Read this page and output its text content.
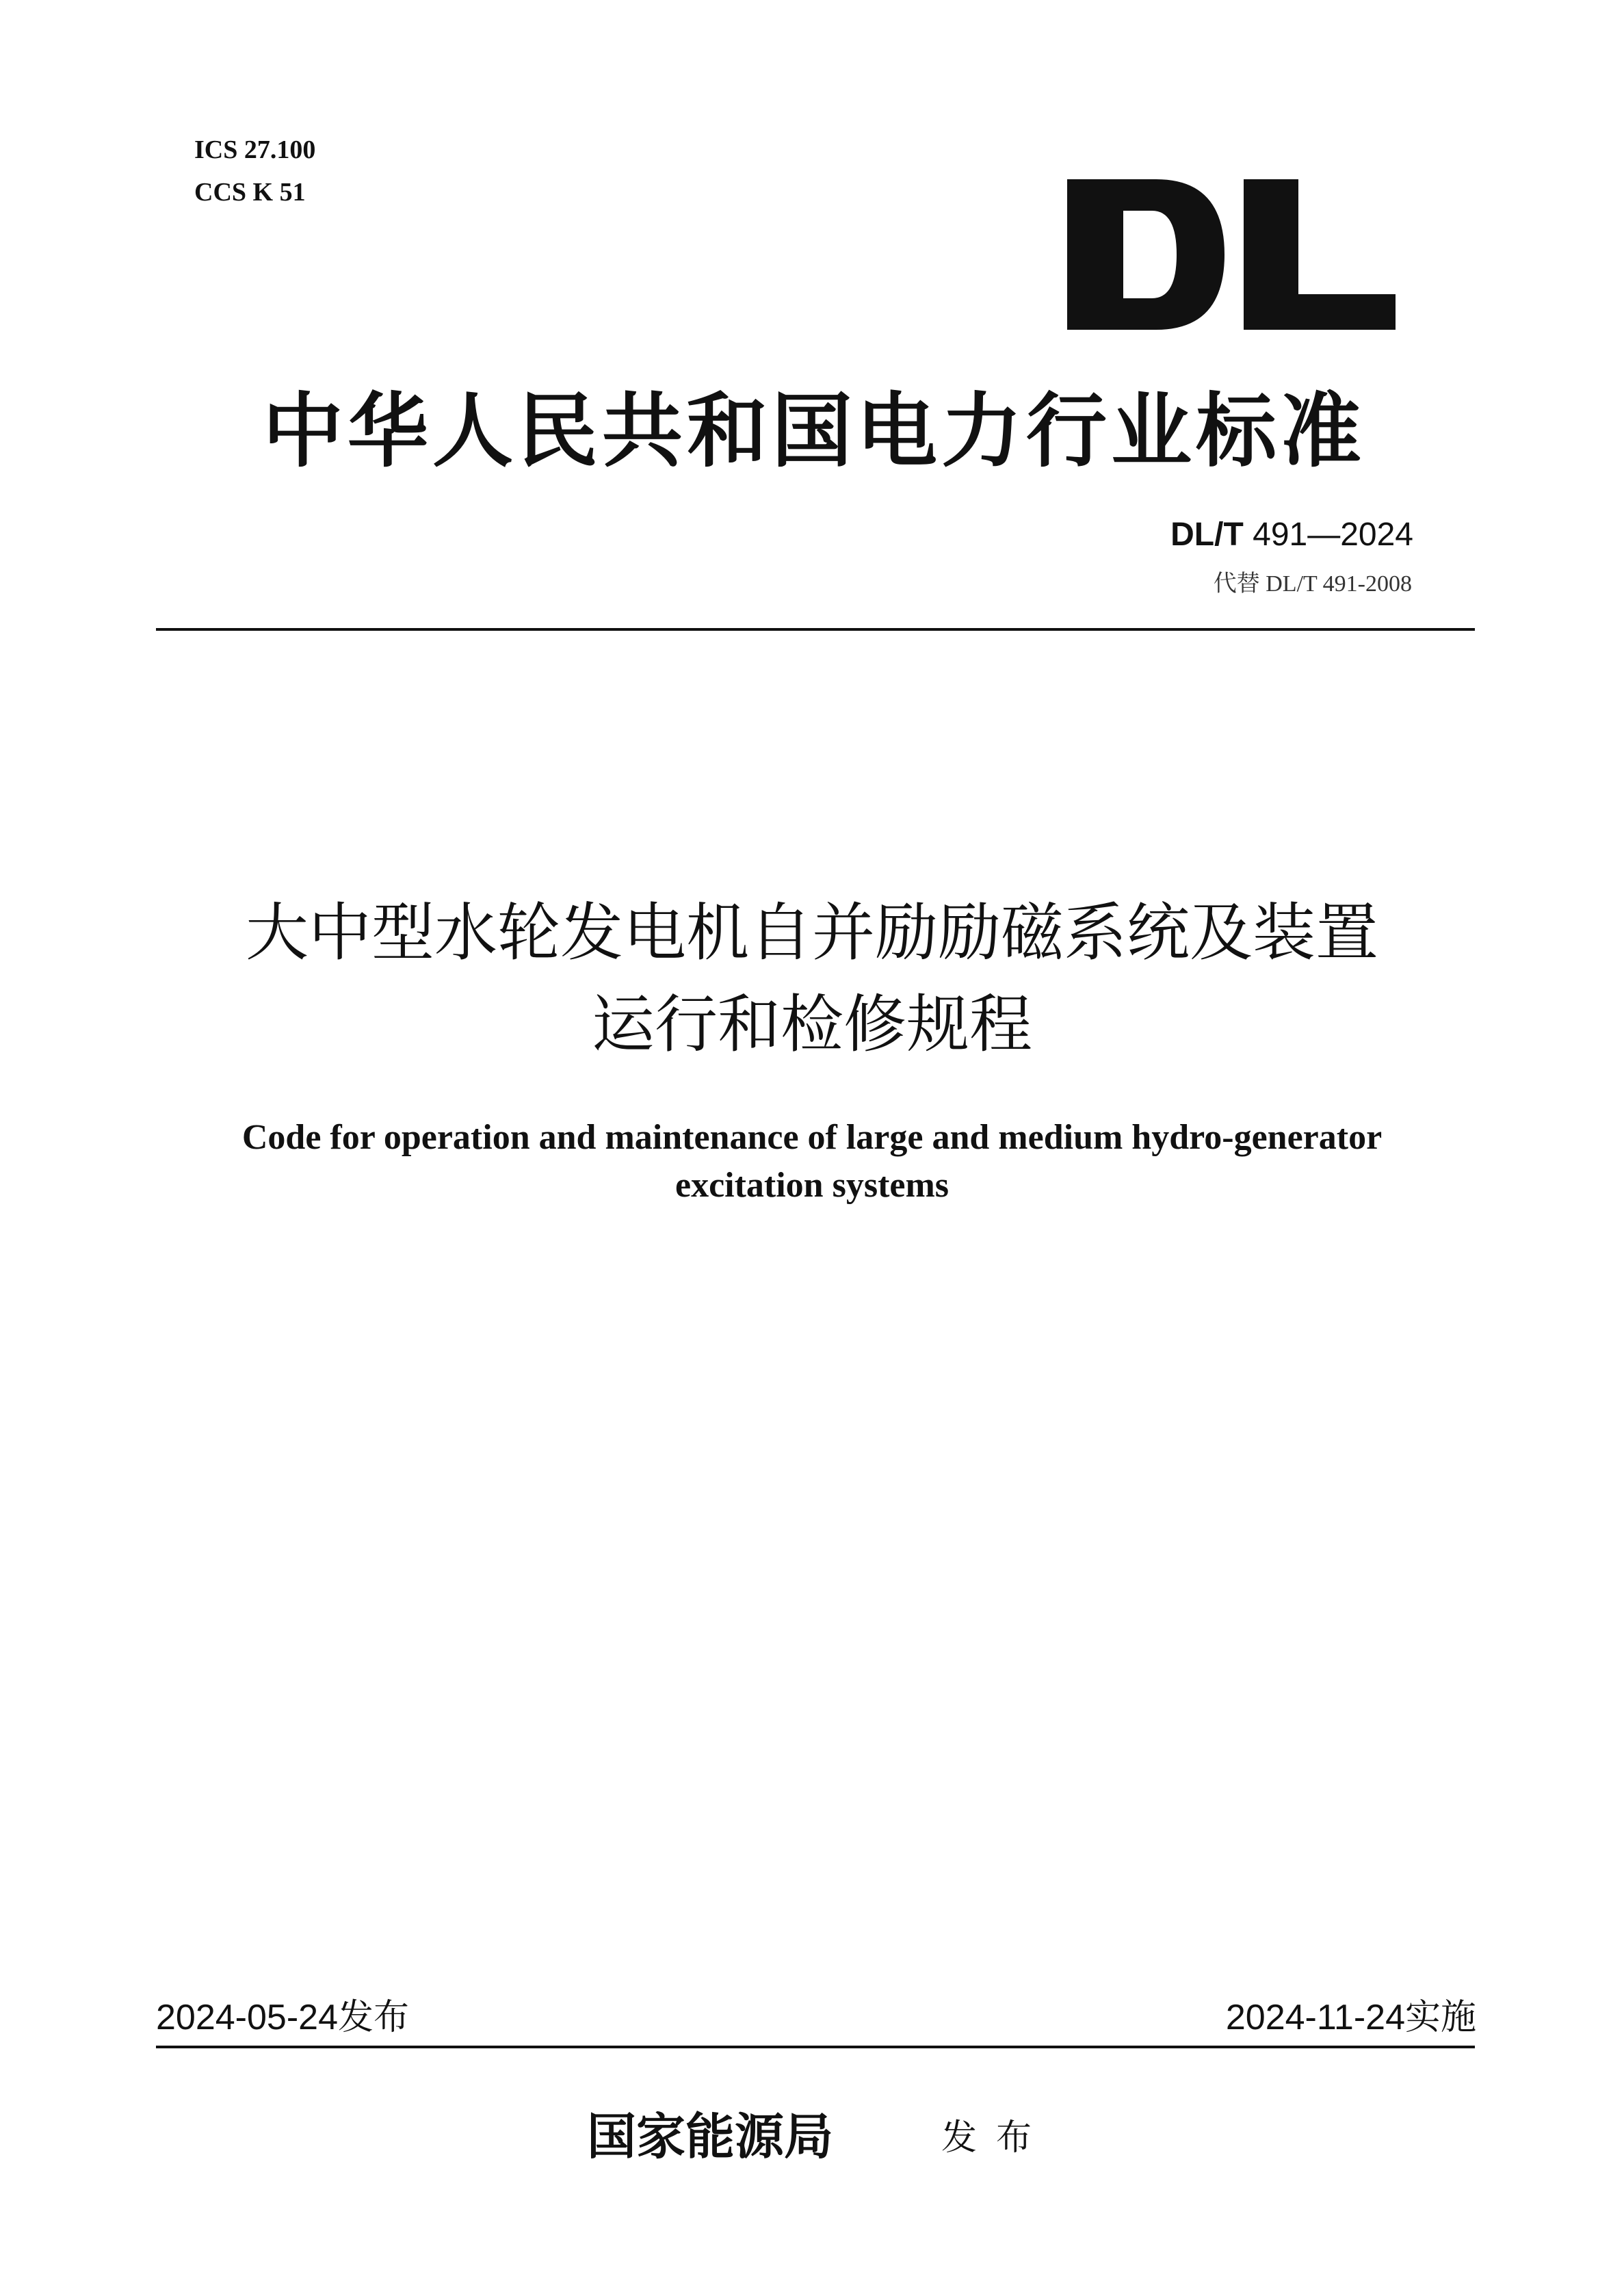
ICS 27.100
CCS K 51
中华人民共和国电力行业标准
DL/T 491—2024
代替 DL/T 491-2008
大中型水轮发电机自并励励磁系统及装置
运行和检修规程
Code for operation and maintenance of large and medium hydro-generator
excitation systems
2024-05-24发布	2024-11-24实施
国家能源局	发布
